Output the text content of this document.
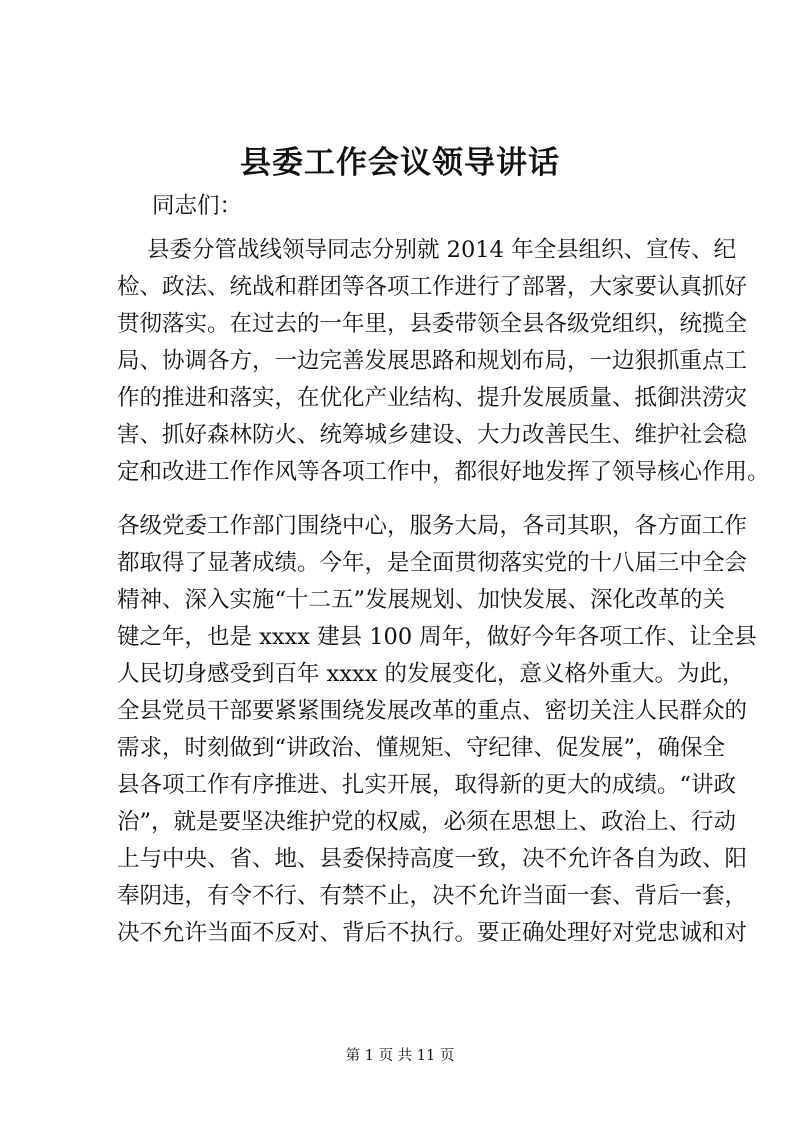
县委工作会议领导讲话
同志们：
县委分管战线领导同志分别就 2014 年全县组织、宣传、纪
检、政法、统战和群团等各项工作进行了部署，大家要认真抓好
贯彻落实。在过去的一年里，县委带领全县各级党组织，统揽全
局、协调各方，一边完善发展思路和规划布局，一边狠抓重点工
作的推进和落实，在优化产业结构、提升发展质量、抵御洪涝灾
害、抓好森林防火、统筹城乡建设、大力改善民生、维护社会稳
定和改进工作作风等各项工作中，都很好地发挥了领导核心作用。
各级党委工作部门围绕中心，服务大局，各司其职，各方面工作
都取得了显著成绩。今年，是全面贯彻落实党的十八届三中全会
精神、深入实施“十二五”发展规划、加快发展、深化改革的关
键之年，也是 xxxx 建县 100 周年，做好今年各项工作、让全县
人民切身感受到百年 xxxx 的发展变化，意义格外重大。为此，
全县党员干部要紧紧围绕发展改革的重点、密切关注人民群众的
需求，时刻做到“讲政治、懂规矩、守纪律、促发展”，确保全
县各项工作有序推进、扎实开展，取得新的更大的成绩。“讲政
治”，就是要坚决维护党的权威，必须在思想上、政治上、行动
上与中央、省、地、县委保持高度一致，决不允许各自为政、阳
奉阴违，有令不行、有禁不止，决不允许当面一套、背后一套，
决不允许当面不反对、背后不执行。要正确处理好对党忠诚和对
第 1 页 共 11 页
